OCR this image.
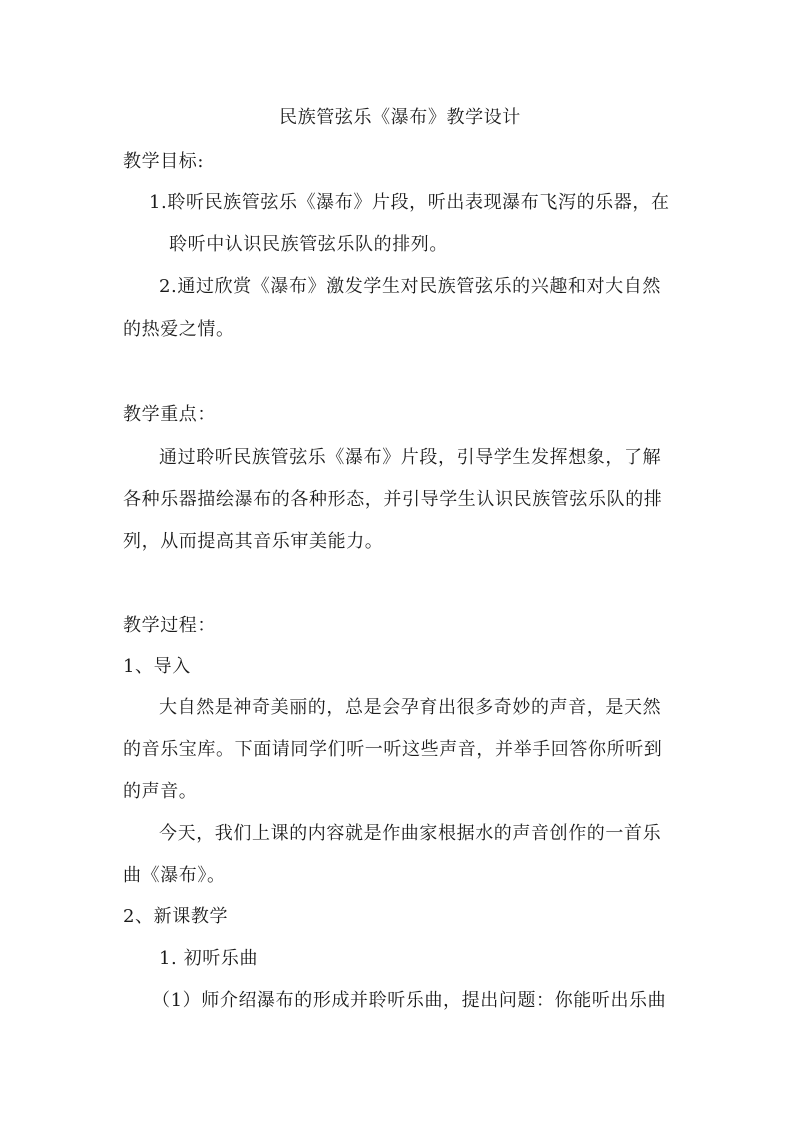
民族管弦乐《瀑布》教学设计
教学目标:
1.聆听民族管弦乐《瀑布》片段，听出表现瀑布飞泻的乐器，在
聆听中认识民族管弦乐队的排列。
2.通过欣赏《瀑布》激发学生对民族管弦乐的兴趣和对大自然
的热爱之情。
教学重点：
通过聆听民族管弦乐《瀑布》片段，引导学生发挥想象，了解
各种乐器描绘瀑布的各种形态，并引导学生认识民族管弦乐队的排
列，从而提高其音乐审美能力。
教学过程：
1、导入
大自然是神奇美丽的，总是会孕育出很多奇妙的声音，是天然
的音乐宝库。下面请同学们听一听这些声音，并举手回答你所听到
的声音。
今天，我们上课的内容就是作曲家根据水的声音创作的一首乐
曲《瀑布》。
2、新课教学
1. 初听乐曲
（1）师介绍瀑布的形成并聆听乐曲，提出问题：你能听出乐曲
